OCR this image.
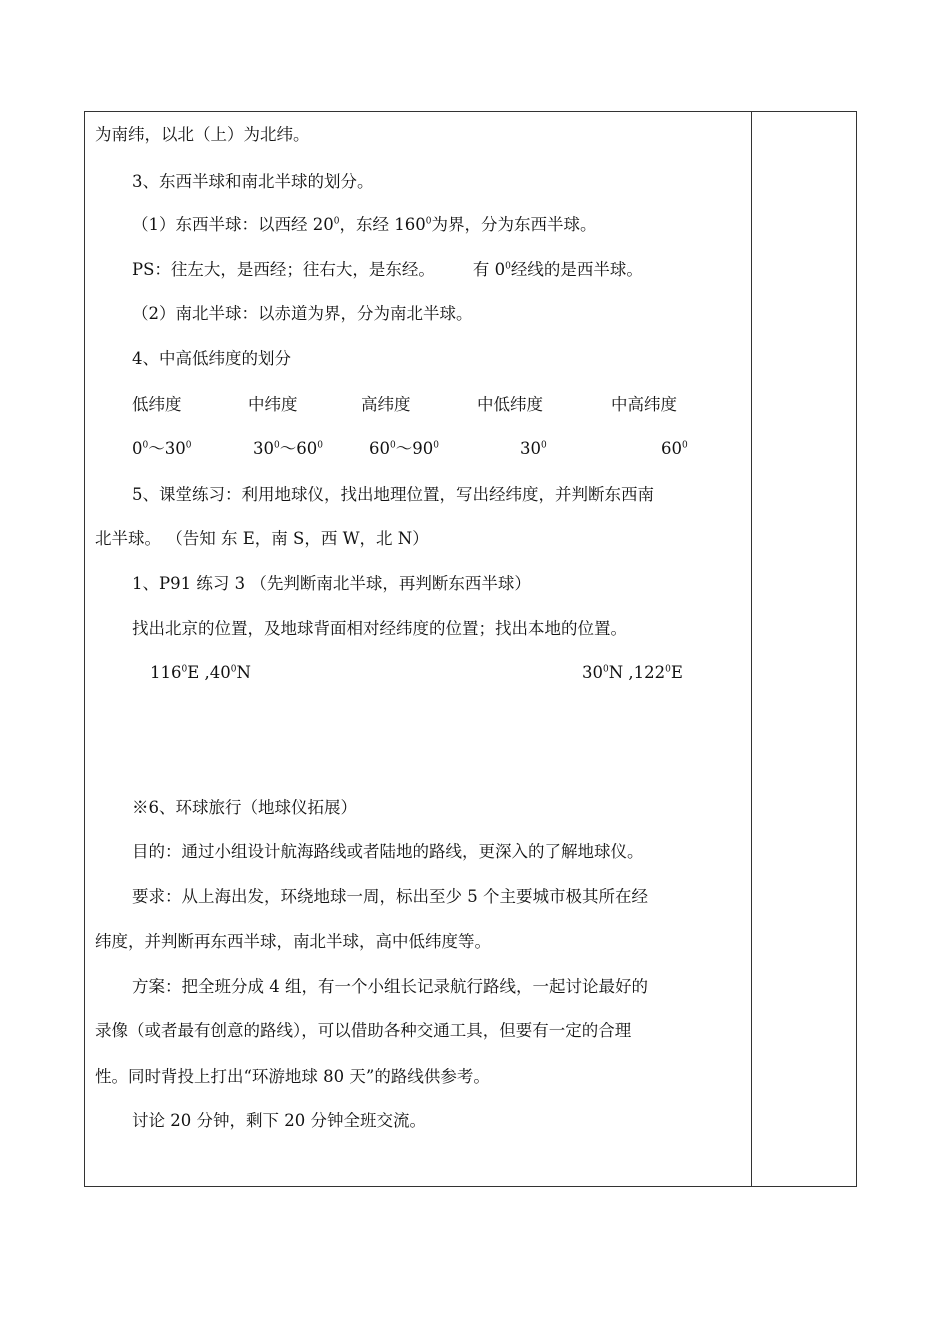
为南纬，以北（上）为北纬。
3、东西半球和南北半球的划分。
（1）东西半球：以西经 $20^0$，东经 $160^0$为界，分为东西半球。
PS：往左大，是西经；往右大，是东经。 有 $0^0$经线的是西半球。
（2）南北半球：以赤道为界，分为南北半球。
4、中高低纬度的划分
低纬度	中纬度	高纬度	中低纬度	中高纬度
$0^0\sim 30^0$	$30^0\sim 60^0$	$60^0\sim 90^0$	$30^0$	$60^0$
5、课堂练习：利用地球仪，找出地理位置，写出经纬度，并判断东西南
北半球。 （告知 东 E，南 S，西 W，北 N）
1、P91 练习 3 （先判断南北半球，再判断东西半球）
找出北京的位置，及地球背面相对经纬度的位置；找出本地的位置。
$116^0E$ $,40^0N$	$30^0N$ ,122$^0$E
※6、环球旅行（地球仪拓展）
目的：通过小组设计航海路线或者陆地的路线，更深入的了解地球仪。
要求：从上海出发，环绕地球一周，标出至少 5 个主要城市极其所在经
纬度，并判断再东西半球，南北半球，高中低纬度等。
方案：把全班分成 4 组，有一个小组长记录航行路线，一起讨论最好的
录像（或者最有创意的路线），可以借助各种交通工具，但要有一定的合理
性。同时背投上打出“环游地球 80 天”的路线供参考。
讨论 20 分钟，剩下 20 分钟全班交流。
